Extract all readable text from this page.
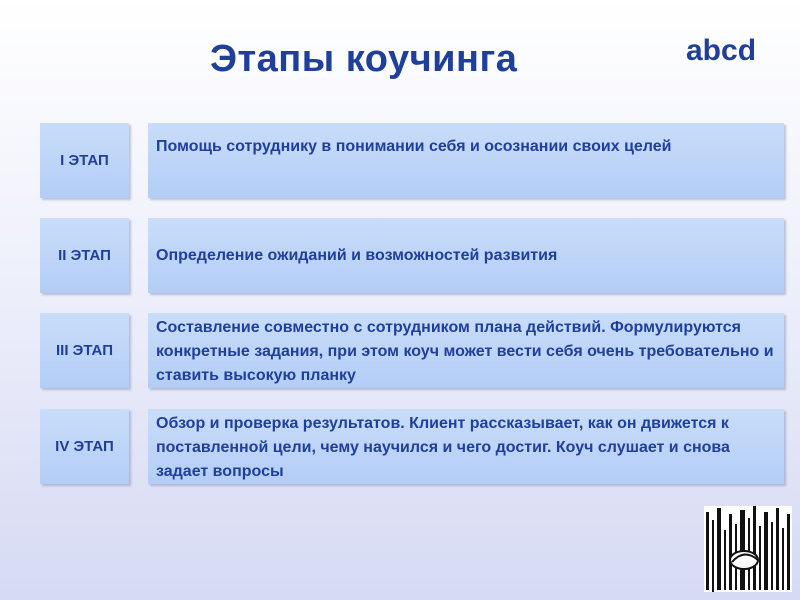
Этапы коучинга	abcd
I ЭТАП
Помощь сотруднику в понимании себя и осознании своих целей
II ЭТАП	Определение ожиданий и возможностей развития
III ЭТАП
Составление совместно с сотрудником плана действий. Формулируются конкретные задания, при этом коуч может вести себя очень требовательно и ставить высокую планку
IV ЭТАП
Обзор и проверка результатов. Клиент рассказывает, как он движется к поставленной цели, чему научился и чего достиг. Коуч слушает и снова задает вопросы
